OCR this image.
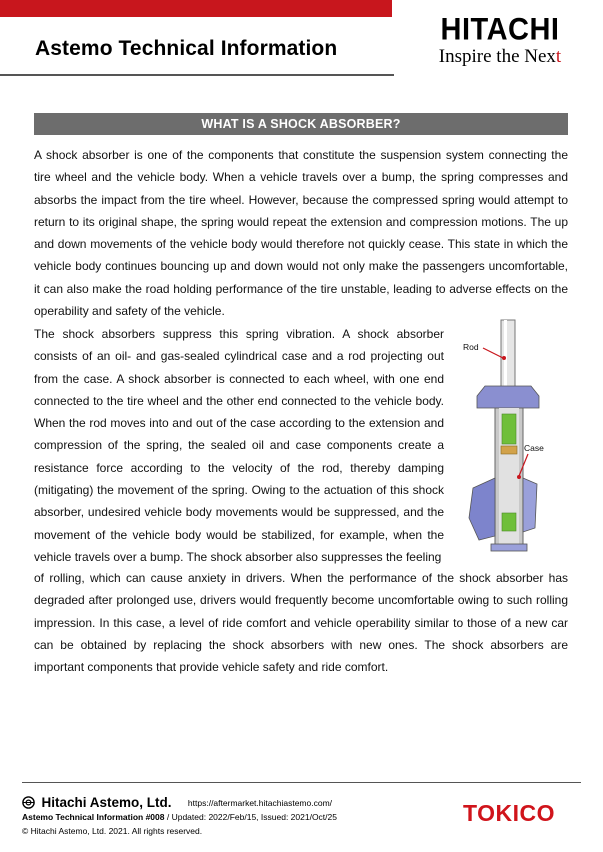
Astemo Technical Information
HITACHI
Inspire the Next
WHAT IS A SHOCK ABSORBER?

A shock absorber is one of the components that constitute the suspension system connecting the tire wheel and the vehicle body. When a vehicle travels over a bump, the spring compresses and absorbs the impact from the tire wheel. However, because the compressed spring would attempt to return to its original shape, the spring would repeat the extension and compression motions. The up and down movements of the vehicle body would therefore not quickly cease. This state in which the vehicle body continues bouncing up and down would not only make the passengers uncomfortable, it can also make the road holding performance of the tire unstable, leading to adverse effects on the operability and safety of the vehicle.

The shock absorbers suppress this spring vibration. A shock absorber consists of an oil- and gas-sealed cylindrical case and a rod projecting out from the case. A shock absorber is connected to each wheel, with one end connected to the tire wheel and the other end connected to the vehicle body. When the rod moves into and out of the case according to the extension and compression of the spring, the sealed oil and case components create a resistance force according to the velocity of the rod, thereby damping (mitigating) the movement of the spring. Owing to the actuation of this shock absorber, undesired vehicle body movements would be suppressed, and the movement of the vehicle body would be stabilized, for example, when the vehicle travels over a bump. The shock absorber also suppresses the feeling

of rolling, which can cause anxiety in drivers. When the performance of the shock absorber has degraded after prolonged use, drivers would frequently become uncomfortable owing to such rolling impression. In this case, a level of ride comfort and vehicle operability similar to those of a new car can be obtained by replacing the shock absorbers with new ones. The shock absorbers are important components that provide vehicle safety and ride comfort.

Rod
Case
Hitachi Astemo, Ltd. https://aftermarket.hitachiastemo.com/
Astemo Technical Information #008 / Updated: 2022/Feb/15, Issued: 2021/Oct/25
© Hitachi Astemo, Ltd. 2021. All rights reserved.
TOKICO
